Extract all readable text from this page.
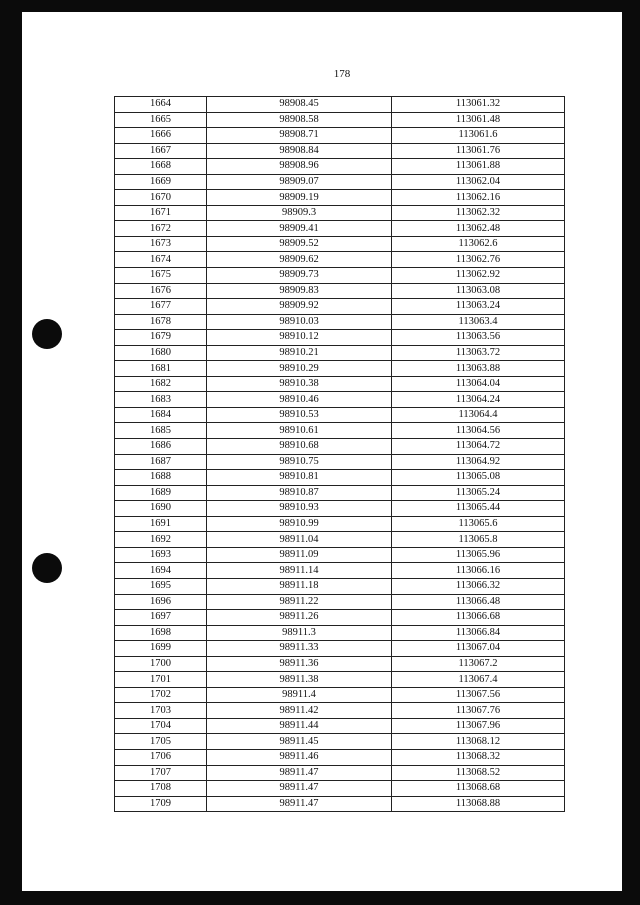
178
1664	98908.45	113061.32
1665	98908.58	113061.48
1666	98908.71	113061.6
1667	98908.84	113061.76
1668	98908.96	113061.88
1669	98909.07	113062.04
1670	98909.19	113062.16
1671	98909.3	113062.32
1672	98909.41	113062.48
1673	98909.52	113062.6
1674	98909.62	113062.76
1675	98909.73	113062.92
1676	98909.83	113063.08
1677	98909.92	113063.24
1678	98910.03	113063.4
1679	98910.12	113063.56
1680	98910.21	113063.72
1681	98910.29	113063.88
1682	98910.38	113064.04
1683	98910.46	113064.24
1684	98910.53	113064.4
1685	98910.61	113064.56
1686	98910.68	113064.72
1687	98910.75	113064.92
1688	98910.81	113065.08
1689	98910.87	113065.24
1690	98910.93	113065.44
1691	98910.99	113065.6
1692	98911.04	113065.8
1693	98911.09	113065.96
1694	98911.14	113066.16
1695	98911.18	113066.32
1696	98911.22	113066.48
1697	98911.26	113066.68
1698	98911.3	113066.84
1699	98911.33	113067.04
1700	98911.36	113067.2
1701	98911.38	113067.4
1702	98911.4	113067.56
1703	98911.42	113067.76
1704	98911.44	113067.96
1705	98911.45	113068.12
1706	98911.46	113068.32
1707	98911.47	113068.52
1708	98911.47	113068.68
1709	98911.47	113068.88
